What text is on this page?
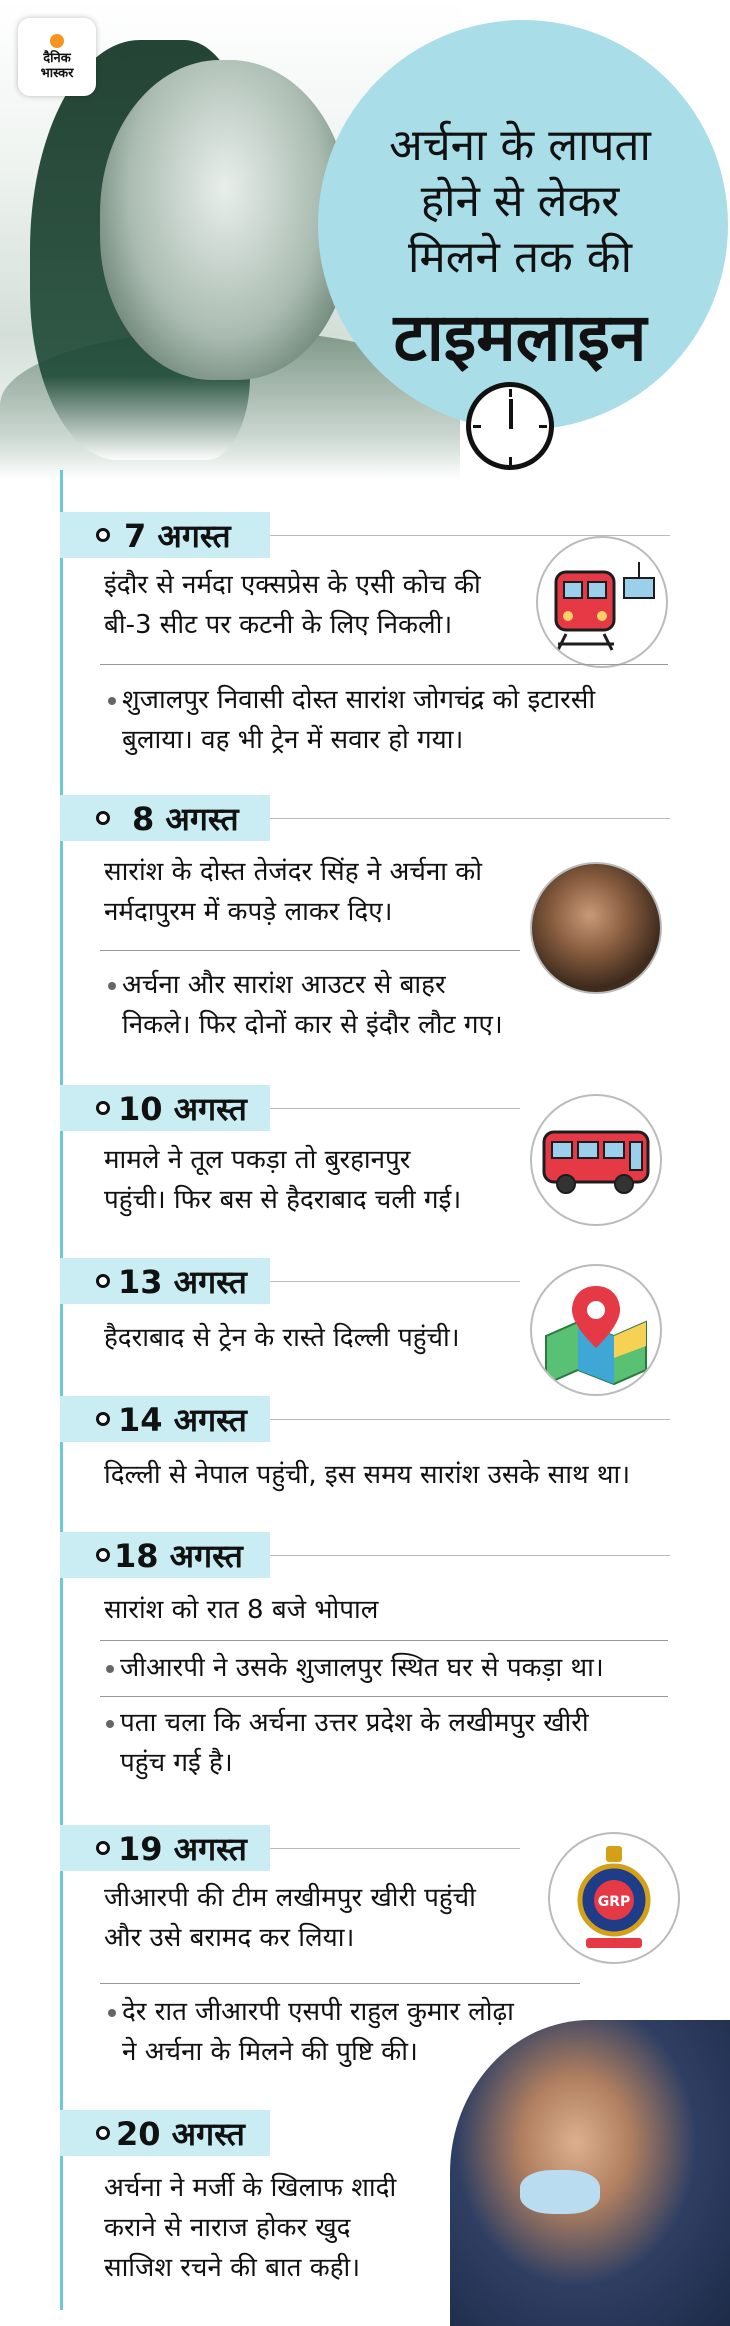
दैनिक
भास्कर
अर्चना के लापता
होने से लेकर
मिलने तक की
टाइमलाइन
7 अगस्त
इंदौर से नर्मदा एक्सप्रेस के एसी कोच की
बी-3 सीट पर कटनी के लिए निकली।
शुजालपुर निवासी दोस्त सारांश जोगचंद्र को इटारसी
बुलाया। वह भी ट्रेन में सवार हो गया।
8 अगस्त
सारांश के दोस्त तेजंदर सिंह ने अर्चना को
नर्मदापुरम में कपड़े लाकर दिए।
अर्चना और सारांश आउटर से बाहर
निकले। फिर दोनों कार से इंदौर लौट गए।
10 अगस्त
मामले ने तूल पकड़ा तो बुरहानपुर
पहुंची। फिर बस से हैदराबाद चली गई।
13 अगस्त
हैदराबाद से ट्रेन के रास्ते दिल्ली पहुंची।
14 अगस्त
दिल्ली से नेपाल पहुंची, इस समय सारांश उसके साथ था।
18 अगस्त
सारांश को रात 8 बजे भोपाल
जीआरपी ने उसके शुजालपुर स्थित घर से पकड़ा था।
पता चला कि अर्चना उत्तर प्रदेश के लखीमपुर खीरी
पहुंच गई है।
19 अगस्त
जीआरपी की टीम लखीमपुर खीरी पहुंची
और उसे बरामद कर लिया।
GRP
देर रात जीआरपी एसपी राहुल कुमार लोढ़ा
ने अर्चना के मिलने की पुष्टि की।
20 अगस्त
अर्चना ने मर्जी के खिलाफ शादी
कराने से नाराज होकर खुद
साजिश रचने की बात कही।
